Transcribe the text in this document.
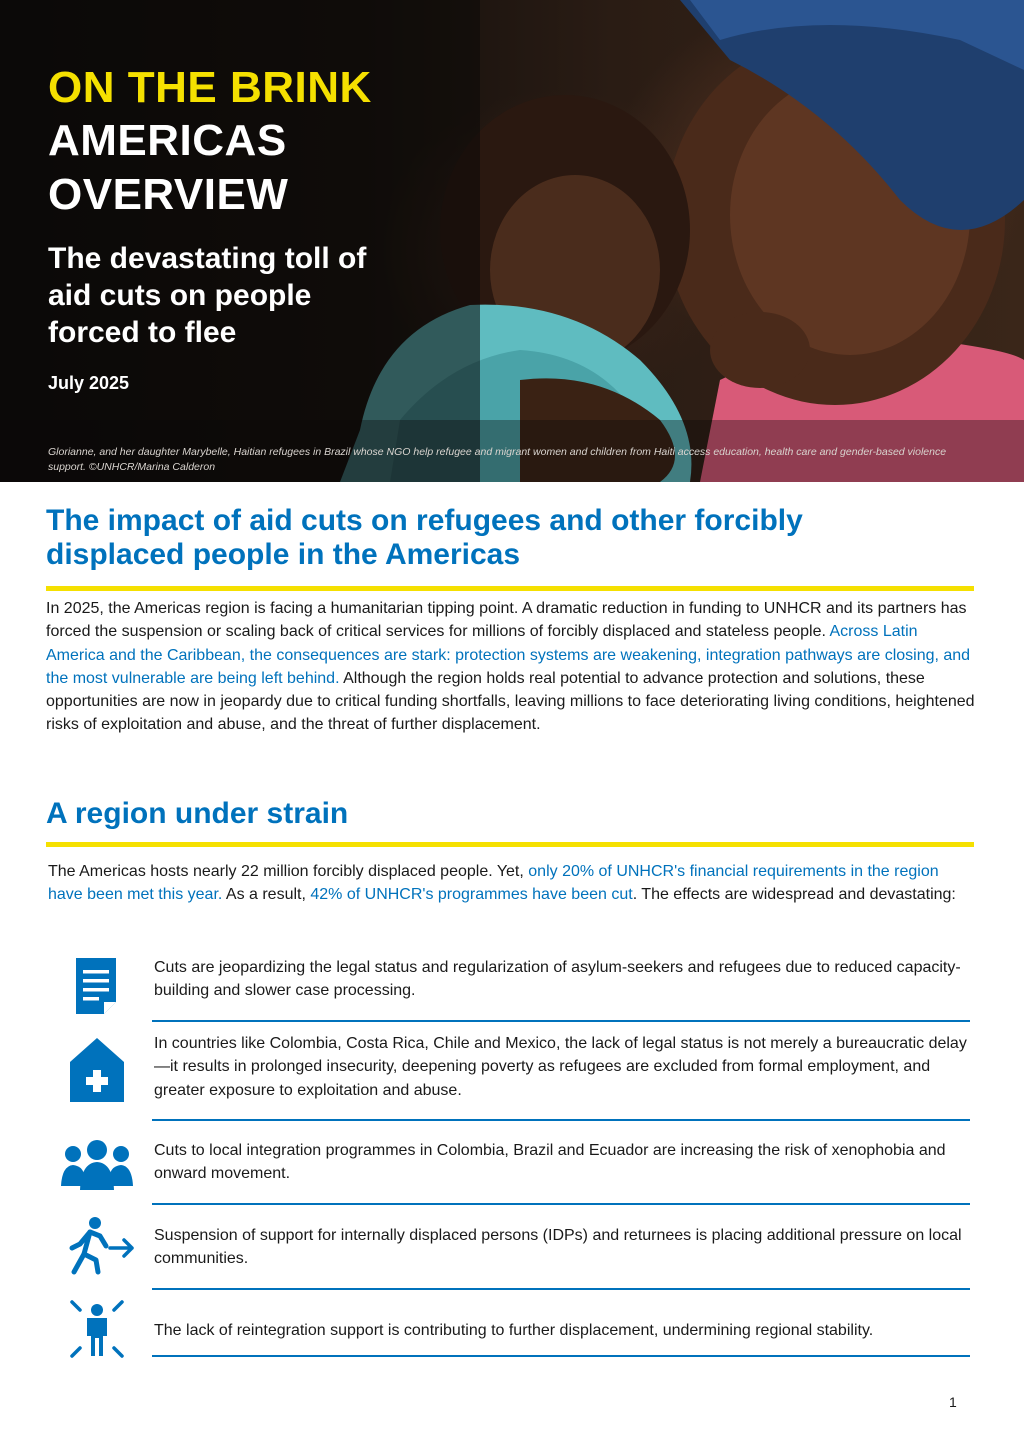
ON THE BRINK
AMERICAS OVERVIEW
The devastating toll of aid cuts on people forced to flee
July 2025
Glorianne, and her daughter Marybelle, Haitian refugees in Brazil whose NGO help refugee and migrant women and children from Haiti access education, health care and gender-based violence support. ©UNHCR/Marina Calderon
The impact of aid cuts on refugees and other forcibly displaced people in the Americas

In 2025, the Americas region is facing a humanitarian tipping point. A dramatic reduction in funding to UNHCR and its partners has forced the suspension or scaling back of critical services for millions of forcibly displaced and stateless people. Across Latin America and the Caribbean, the consequences are stark: protection systems are weakening, integration pathways are closing, and the most vulnerable are being left behind. Although the region holds real potential to advance protection and solutions, these opportunities are now in jeopardy due to critical funding shortfalls, leaving millions to face deteriorating living conditions, heightened risks of exploitation and abuse, and the threat of further displacement.

A region under strain

The Americas hosts nearly 22 million forcibly displaced people. Yet, only 20% of UNHCR's financial requirements in the region have been met this year. As a result, 42% of UNHCR's programmes have been cut. The effects are widespread and devastating:

Cuts are jeopardizing the legal status and regularization of asylum-seekers and refugees due to reduced capacity-building and slower case processing.
In countries like Colombia, Costa Rica, Chile and Mexico, the lack of legal status is not merely a bureaucratic delay—it results in prolonged insecurity, deepening poverty as refugees are excluded from formal employment, and greater exposure to exploitation and abuse.
Cuts to local integration programmes in Colombia, Brazil and Ecuador are increasing the risk of xenophobia and onward movement.
Suspension of support for internally displaced persons (IDPs) and returnees is placing additional pressure on local communities.
The lack of reintegration support is contributing to further displacement, undermining regional stability.
1
